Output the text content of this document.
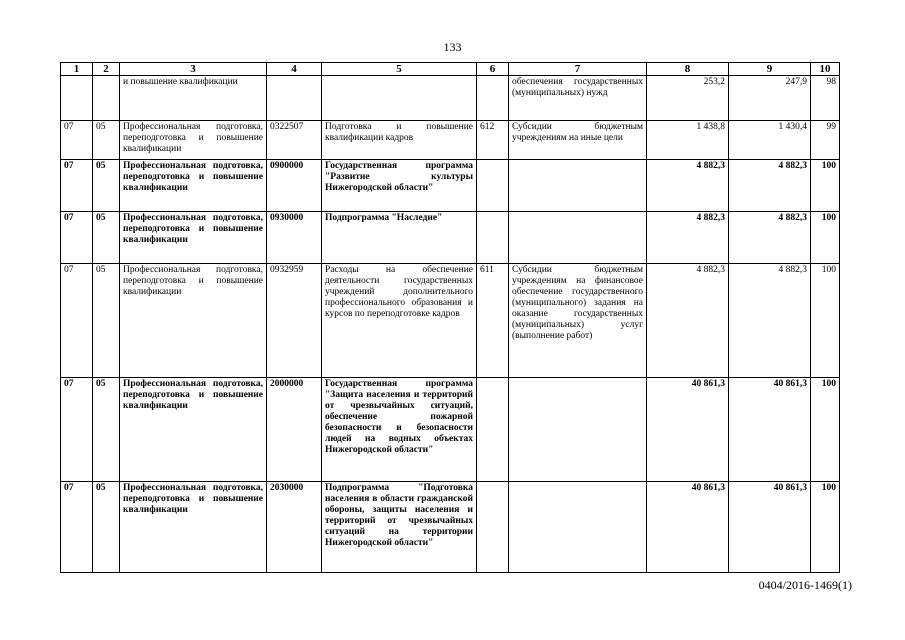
133
1	2	3	4	5	6	7	8	9	10
		и повышение квалификации				обеспечения государственных (муниципальных) нужд	253,2	247,9	98
07	05	Профессиональная подготовка, переподготовка и повышение квалификации	0322507	Подготовка и повышение квалификации кадров	612	Субсидии бюджетным учреждениям на иные цели	1 438,8	1 430,4	99
07	05	Профессиональная подготовка, переподготовка и повышение квалификации	0900000	Государственная программа "Развитие культуры Нижегородской области"			4 882,3	4 882,3	100
07	05	Профессиональная подготовка, переподготовка и повышение квалификации	0930000	Подпрограмма "Наследие"			4 882,3	4 882,3	100
07	05	Профессиональная подготовка, переподготовка и повышение квалификации	0932959	Расходы на обеспечение деятельности государственных учреждений дополнительного профессионального образования и курсов по переподготовке кадров	611	Субсидии бюджетным учреждениям на финансовое обеспечение государственного (муниципального) задания на оказание государственных (муниципальных) услуг (выполнение работ)	4 882,3	4 882,3	100
07	05	Профессиональная подготовка, переподготовка и повышение квалификации	2000000	Государственная программа "Защита населения и территорий от чрезвычайных ситуаций, обеспечение пожарной безопасности и безопасности людей на водных объектах Нижегородской области"			40 861,3	40 861,3	100
07	05	Профессиональная подготовка, переподготовка и повышение квалификации	2030000	Подпрограмма "Подготовка населения в области гражданской обороны, защиты населения и территорий от чрезвычайных ситуаций на территории Нижегородской области"			40 861,3	40 861,3	100
0404/2016-1469(1)
